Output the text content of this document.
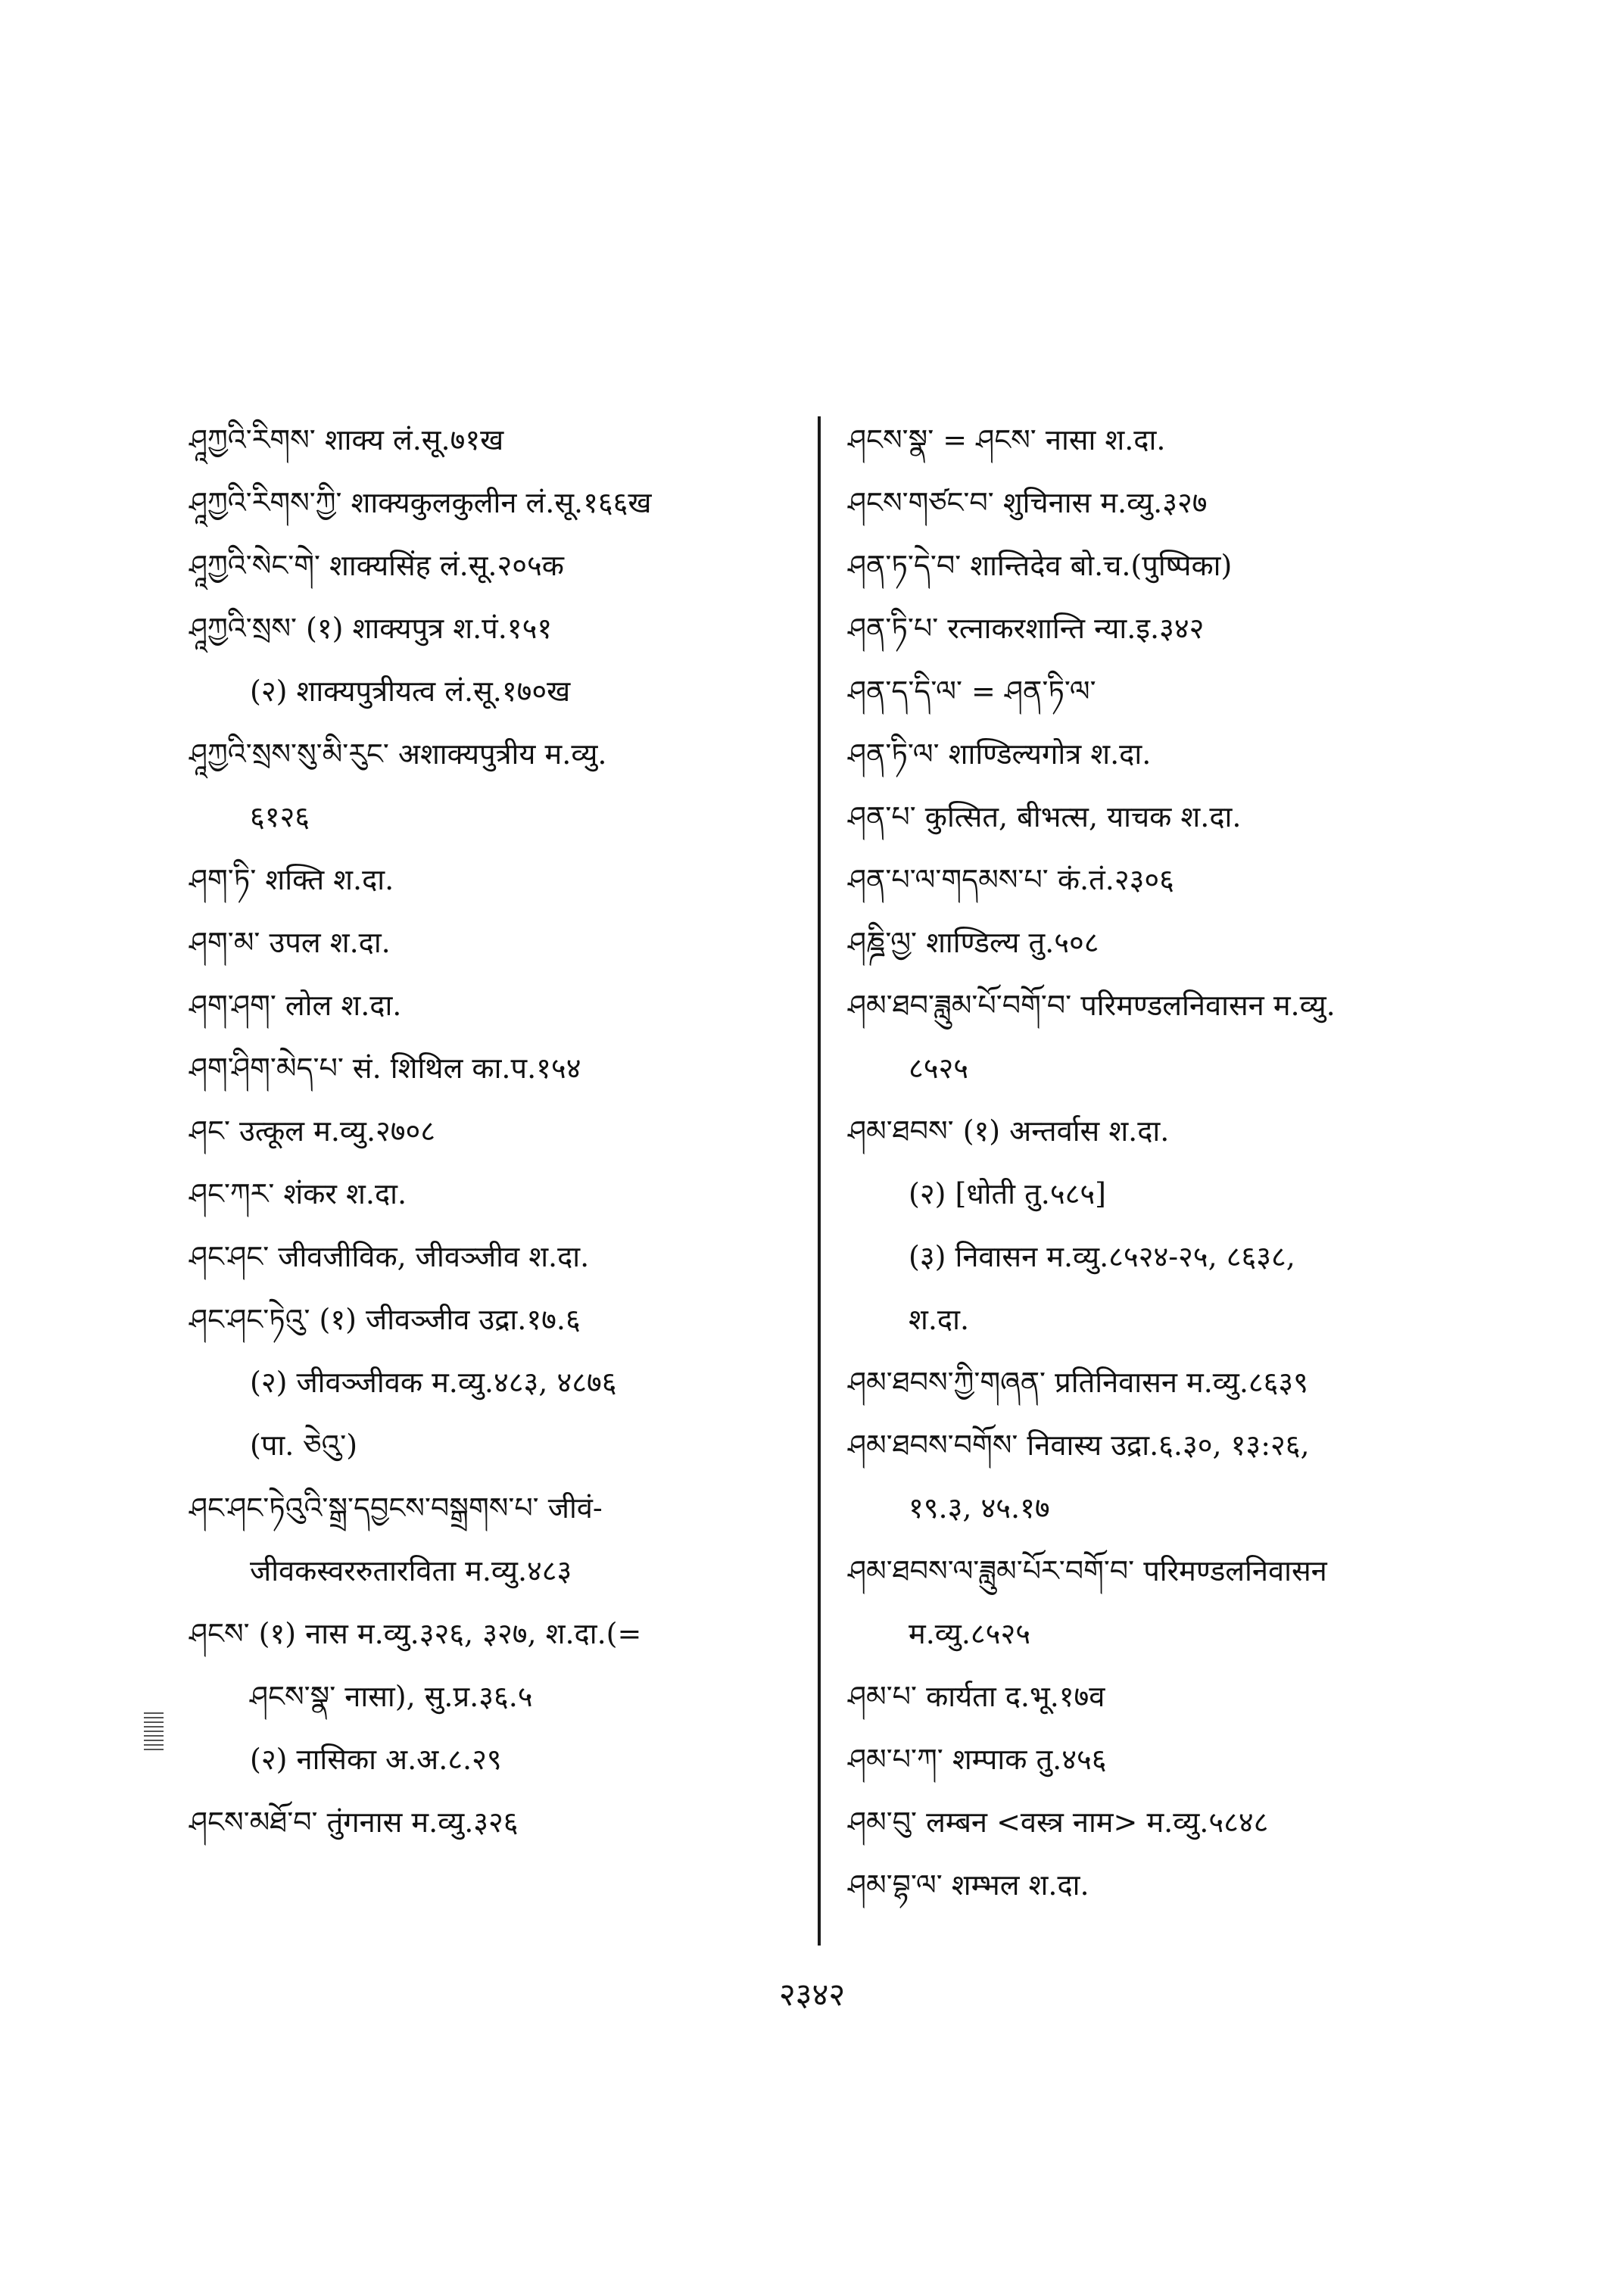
ཤཱཀྱའི་རིགས་ शाक्य लं.सू.७१ख
ཤཱཀྱའི་རིགས་ཀྱི་ शाक्यकुलकुलीन लं.सू.१६६ख
ཤཱཀྱའི་སེང་གེ་ शाक्यसिंह लं.सू.२०५क
ཤཱཀྱའི་སྲས་ (१) शाक्यपुत्र श.पं.१५१
(२) शाक्यपुत्रीयत्व लं.सू.१७०ख
ཤཱཀྱའི་སྲས་སུ་མི་རུང་ अशाक्यपुत्रीय म.व्यु.
६१२६
ཤག་ཏི་ शक्ति श.दा.
ཤག་མ་ उपल श.दा.
ཤག་ཤག་ लोल श.दा.
ཤག་ཤིག་མེད་པ་ सं. शिथिल का.प.१५४
ཤང་ उत्कूल म.व्यु.२७०८
ཤང་ཀར་ शंकर श.दा.
ཤང་ཤང་ जीवजीविक, जीवञ्जीव श.दा.
ཤང་ཤང་ཏེའུ་ (१) जीवञ्जीव उद्रा.१७.६
(२) जीवञ्जीवक म.व्यु.४८३, ४८७६
(पा. ཅེའུ་)
ཤང་ཤང་ཏེའུའི་སྒྲ་དབྱངས་བསྒྲགས་པ་ जीवं-
जीवकस्वररुतारविता म.व्यु.४८३
ཤངས་ (१) नास म.व्यु.३२६, ३२७, श.दा.(=
ཤངས་སྣ་ नासा), सु.प्र.३६.५
(२) नासिका अ.अ.८.२९
ཤངས་མཐོ་བ་ तुंगनास म.व्यु.३२६
ཤངས་སྣ་ = ཤངས་ नासा श.दा.
ཤངས་གཙང་བ་ शुचिनास म.व्यु.३२७
ཤན་ཏ་དེ་བ་ शान्तिदेव बो.च.(पुष्पिका)
ཤན་ཏི་པ་ रत्नाकरशान्ति न्या.इ.३४२
ཤན་ད་དི་ལ་ = ཤན་ཏི་ལ་
ཤན་ཏི་ལ་ शाण्डिल्यगोत्र श.दा.
ཤན་པ་ कुत्सित, बीभत्स, याचक श.दा.
ཤན་པ་ལ་གདམས་པ་ कं.तं.२३०६
ཤཎྜི་ལྱ་ शाण्डिल्य तु.५०८
ཤམ་ཐབ་ཟླུམ་པོ་བགོ་བ་ परिमण्डलनिवासन म.व्यु.
८५२५
ཤམ་ཐབས་ (१) अन्तर्वास श.दा.
(२) [धोती तु.५८५]
(३) निवासन म.व्यु.८५२४-२५, ८६३८,
श.दा.
ཤམ་ཐབས་ཀྱི་གཞན་ प्रतिनिवासन म.व्यु.८६३९
ཤམ་ཐབས་བགོས་ निवास्य उद्रा.६.३०, १३:२६,
१९.३, ४५.१७
ཤམ་ཐབས་ལ་ཟླུམ་པོར་བགོ་བ་ परिमण्डलनिवासन
म.व्यु.८५२५
ཤམ་པ་ कार्यता द.भू.१७व
ཤམ་པ་ཀ་ शम्पाक तु.४५६
ཤམ་བུ་ लम्बन <वस्त्र नाम> म.व्यु.५८४८
ཤམ་བྷ་ལ་ शम्भल श.दा.
२३४२
